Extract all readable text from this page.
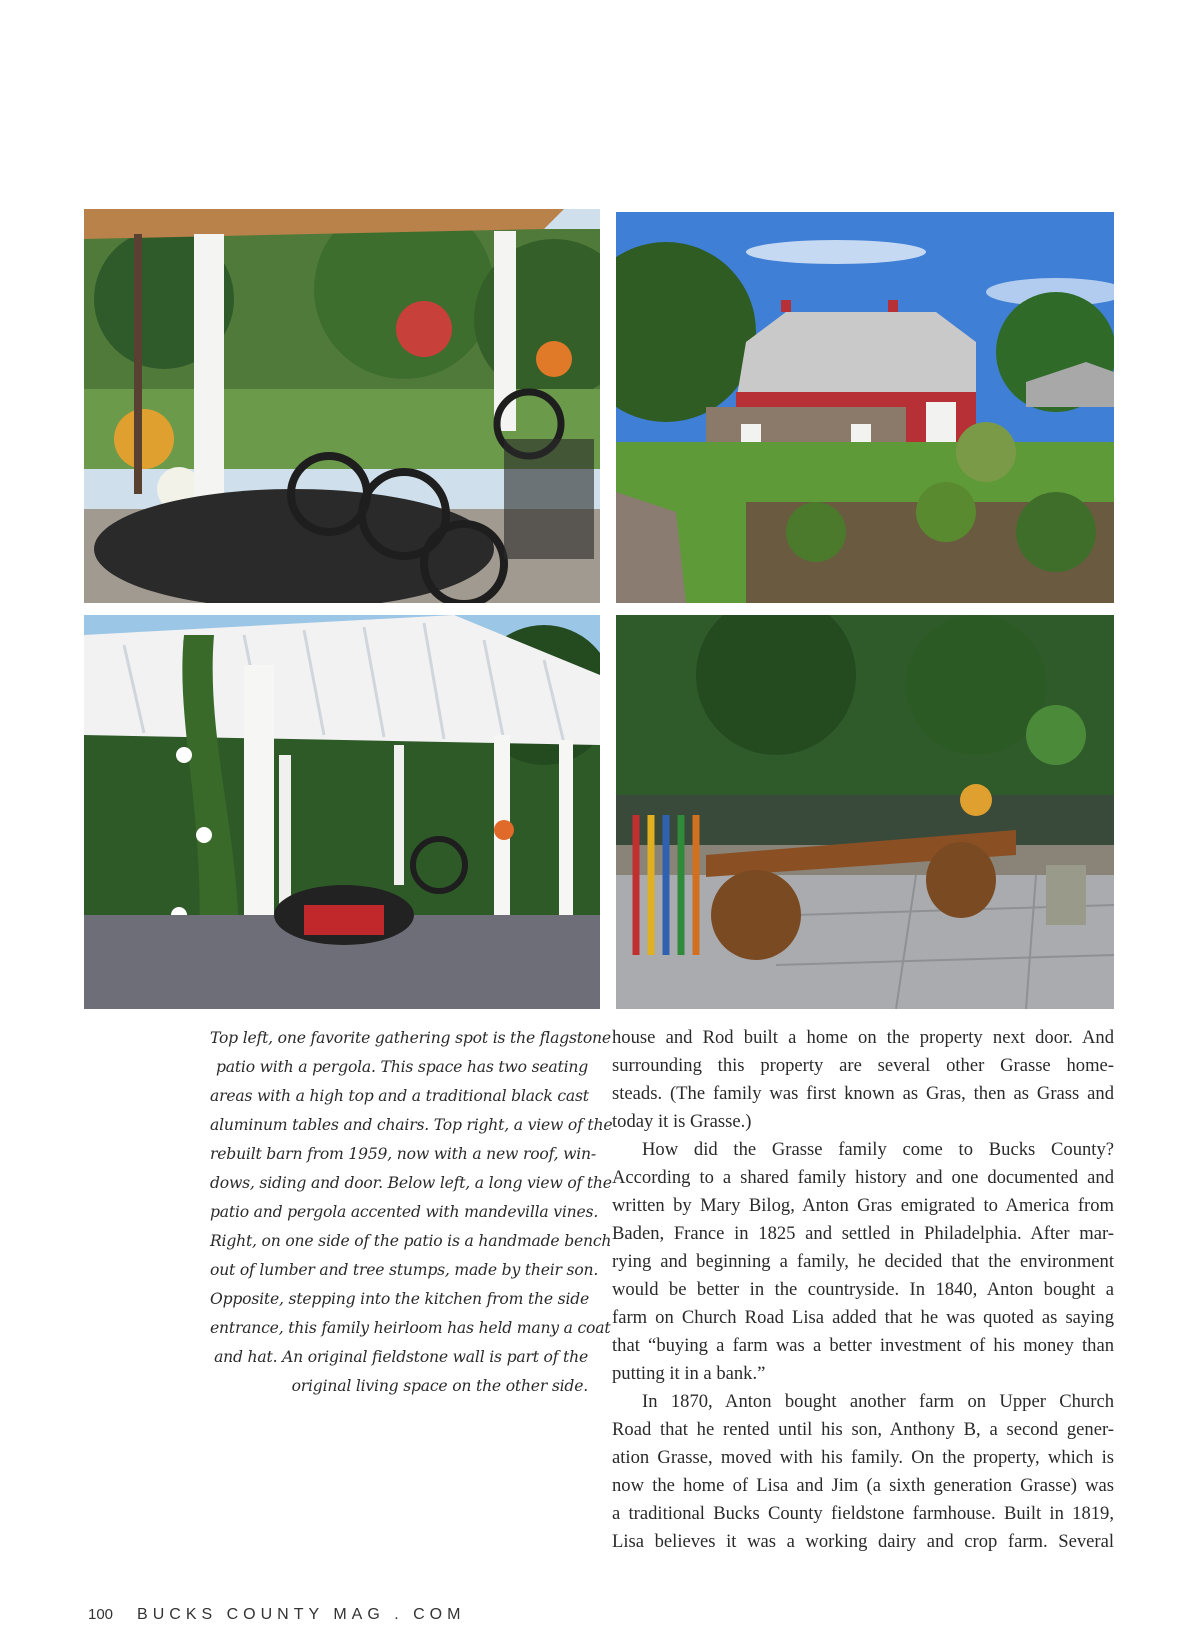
Top left, one favorite gathering spot is the flagstone
patio with a pergola. This space has two seating
areas with a high top and a traditional black cast
aluminum tables and chairs. Top right, a view of the
rebuilt barn from 1959, now with a new roof, win-
dows, siding and door. Below left, a long view of the
patio and pergola accented with mandevilla vines.
Right, on one side of the patio is a handmade bench
out of lumber and tree stumps, made by their son.
Opposite, stepping into the kitchen from the side
entrance, this family heirloom has held many a coat
and hat. An original fieldstone wall is part of the
original living space on the other side.
house and Rod built a home on the property next door. And
surrounding this property are several other Grasse home-
steads. (The family was first known as Gras, then as Grass and
today it is Grasse.)
How did the Grasse family come to Bucks County?
According to a shared family history and one documented and
written by Mary Bilog, Anton Gras emigrated to America from
Baden, France in 1825 and settled in Philadelphia. After mar-
rying and beginning a family, he decided that the environment
would be better in the countryside. In 1840, Anton bought a
farm on Church Road Lisa added that he was quoted as saying
that “buying a farm was a better investment of his money than
putting it in a bank.”
In 1870, Anton bought another farm on Upper Church
Road that he rented until his son, Anthony B, a second gener-
ation Grasse, moved with his family. On the property, which is
now the home of Lisa and Jim (a sixth generation Grasse) was
a traditional Bucks County fieldstone farmhouse. Built in 1819,
Lisa believes it was a working dairy and crop farm. Several
100 BUCKS COUNTY MAG . COM
